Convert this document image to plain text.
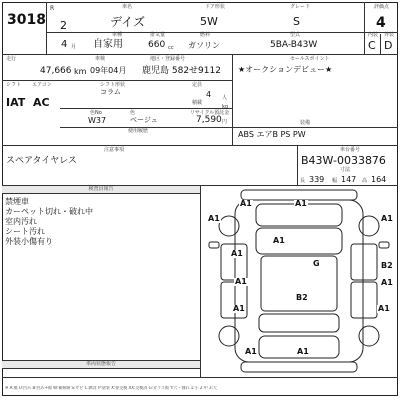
3018
R
2
4 月
車名
デイズ
ドア形状
5W
グレード
S
評価点
4
車種
自家用
排気量
660 cc
燃料
ガソリン
型式
5BA-B43W
内装
C
外装
D
走行	車検	地区・登録番号
47,666 km 09年04月 鹿児島 582せ9112
シフト エアコン
IAT AC
シフト形状
コラム
定員
4 人
積載
kg
色No	色	リサイクル預託金
W37	ベージュ	7,590 円
使用履歴
セールスポイント
★オークションデビュー★
装備
ABS エアB PS PW
注意事項
スペアタイヤレス
車台番号
B43W-0033876
寸法
長 339 幅 147 高 164
検査員報告
禁煙車
カーペット切れ・破れ中
室内汚れ
シート汚れ
外装小傷有り
車両状態報告
A1	A1
A1	A1
A1
A1
B2
G
A1
B2
A1
A1	A1
A1	A1
※ A:傷 U:凹み B:凹み+傷 W:補修跡 S:サビ C:腐食 P:塗装 X:要交換 XX:交換済 G:ガラス傷 Y:穴・割れ 1:小 2:中 3:大
